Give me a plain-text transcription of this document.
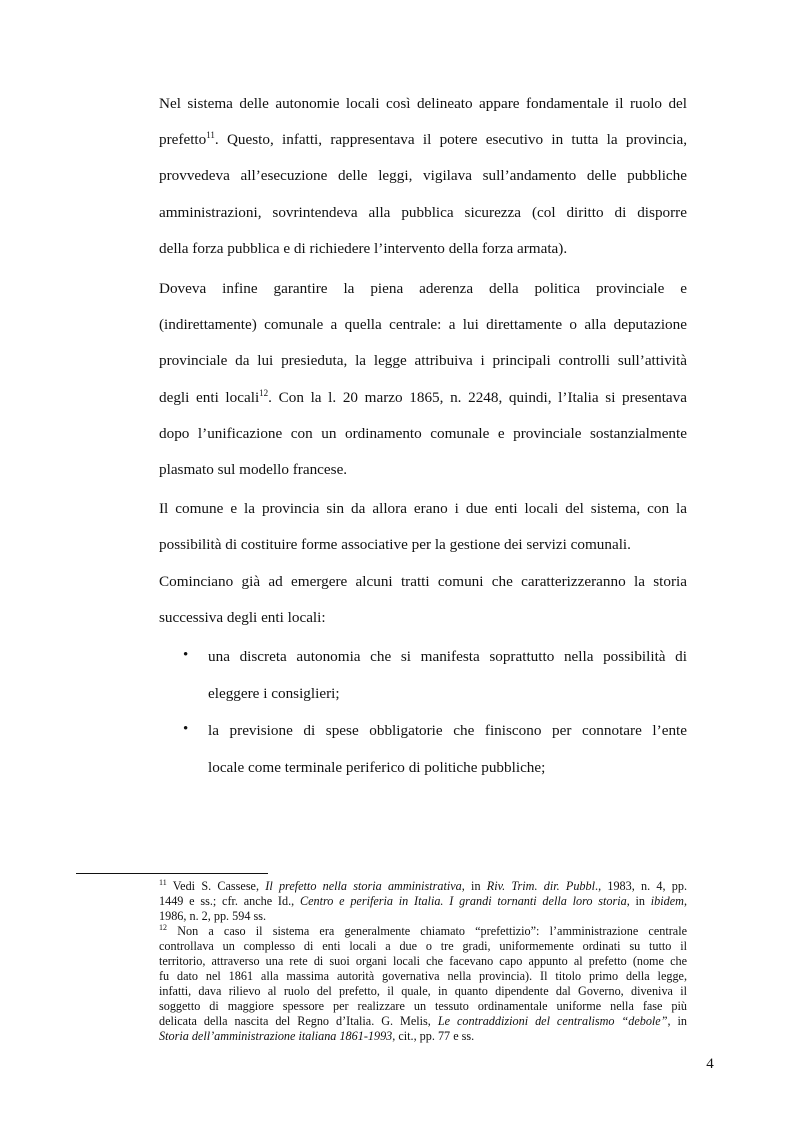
Nel sistema delle autonomie locali così delineato appare fondamentale il ruolo del
prefetto$^{11}$. Questo, infatti, rappresentava il potere esecutivo in tutta la provincia,
provvedeva all’esecuzione delle leggi, vigilava sull’andamento delle pubbliche
amministrazioni, sovrintendeva alla pubblica sicurezza (col diritto di disporre
della forza pubblica e di richiedere l’intervento della forza armata).
Doveva infine garantire la piena aderenza della politica provinciale e
(indirettamente) comunale a quella centrale: a lui direttamente o alla deputazione
provinciale da lui presieduta, la legge attribuiva i principali controlli sull’attività
degli enti locali$^{12}$. Con la l. 20 marzo 1865, n. 2248, quindi, l’Italia si presentava
dopo l’unificazione con un ordinamento comunale e provinciale sostanzialmente
plasmato sul modello francese.
Il comune e la provincia sin da allora erano i due enti locali del sistema, con la
possibilità di costituire forme associative per la gestione dei servizi comunali.
Cominciano già ad emergere alcuni tratti comuni che caratterizzeranno la storia
successiva degli enti locali:
• una discreta autonomia che si manifesta soprattutto nella possibilità di
eleggere i consiglieri;
• la previsione di spese obbligatorie che finiscono per connotare l’ente
locale come terminale periferico di politiche pubbliche;
$^{11}$ Vedi S. Cassese, Il prefetto nella storia amministrativa, in Riv. Trim. dir. Pubbl., 1983, n. 4, pp.
1449 e ss.; cfr. anche Id., Centro e periferia in Italia. I grandi tornanti della loro storia, in ibidem,
1986, n. 2, pp. 594 ss.
$^{12}$ Non a caso il sistema era generalmente chiamato “prefettizio”: l’amministrazione centrale
controllava un complesso di enti locali a due o tre gradi, uniformemente ordinati su tutto il
territorio, attraverso una rete di suoi organi locali che facevano capo appunto al prefetto (nome che
fu dato nel 1861 alla massima autorità governativa nella provincia). Il titolo primo della legge,
infatti, dava rilievo al ruolo del prefetto, il quale, in quanto dipendente dal Governo, diveniva il
soggetto di maggiore spessore per realizzare un tessuto ordinamentale uniforme nella fase più
delicata della nascita del Regno d’Italia. G. Melis, Le contraddizioni del centralismo “debole”, in
Storia dell’amministrazione italiana 1861-1993, cit., pp. 77 e ss.
4
